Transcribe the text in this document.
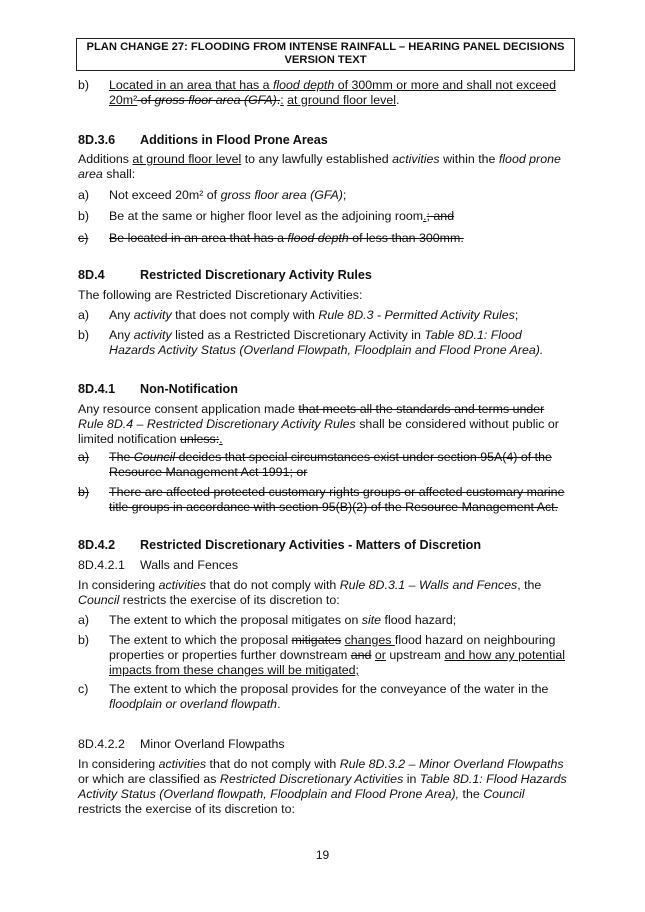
PLAN CHANGE 27: FLOODING FROM INTENSE RAINFALL – HEARING PANEL DECISIONS
VERSION TEXT
b) Located in an area that has a flood depth of 300mm or more and shall not exceed 20m² of gross floor area (GFA).: at ground floor level.
8D.3.6 Additions in Flood Prone Areas
Additions at ground floor level to any lawfully established activities within the flood prone area shall:
a) Not exceed 20m² of gross floor area (GFA);
b) Be at the same or higher floor level as the adjoining room.; and
c) Be located in an area that has a flood depth of less than 300mm.
8D.4	Restricted Discretionary Activity Rules
The following are Restricted Discretionary Activities:
a) Any activity that does not comply with Rule 8D.3 - Permitted Activity Rules;
b) Any activity listed as a Restricted Discretionary Activity in Table 8D.1: Flood Hazards Activity Status (Overland Flowpath, Floodplain and Flood Prone Area).
8D.4.1 Non-Notification
Any resource consent application made that meets all the standards and terms under Rule 8D.4 – Restricted Discretionary Activity Rules shall be considered without public or limited notification unless:.
a) The Council decides that special circumstances exist under section 95A(4) of the Resource Management Act 1991; or
b) There are affected protected customary rights groups or affected customary marine title groups in accordance with section 95(B)(2) of the Resource Management Act.
8D.4.2 Restricted Discretionary Activities - Matters of Discretion
8D.4.2.1 Walls and Fences
In considering activities that do not comply with Rule 8D.3.1 – Walls and Fences, the Council restricts the exercise of its discretion to:
a) The extent to which the proposal mitigates on site flood hazard;
b) The extent to which the proposal mitigates changes flood hazard on neighbouring properties or properties further downstream and or upstream and how any potential impacts from these changes will be mitigated;
c) The extent to which the proposal provides for the conveyance of the water in the floodplain or overland flowpath.
8D.4.2.2 Minor Overland Flowpaths
In considering activities that do not comply with Rule 8D.3.2 – Minor Overland Flowpaths or which are classified as Restricted Discretionary Activities in Table 8D.1: Flood Hazards Activity Status (Overland flowpath, Floodplain and Flood Prone Area), the Council restricts the exercise of its discretion to:
19
